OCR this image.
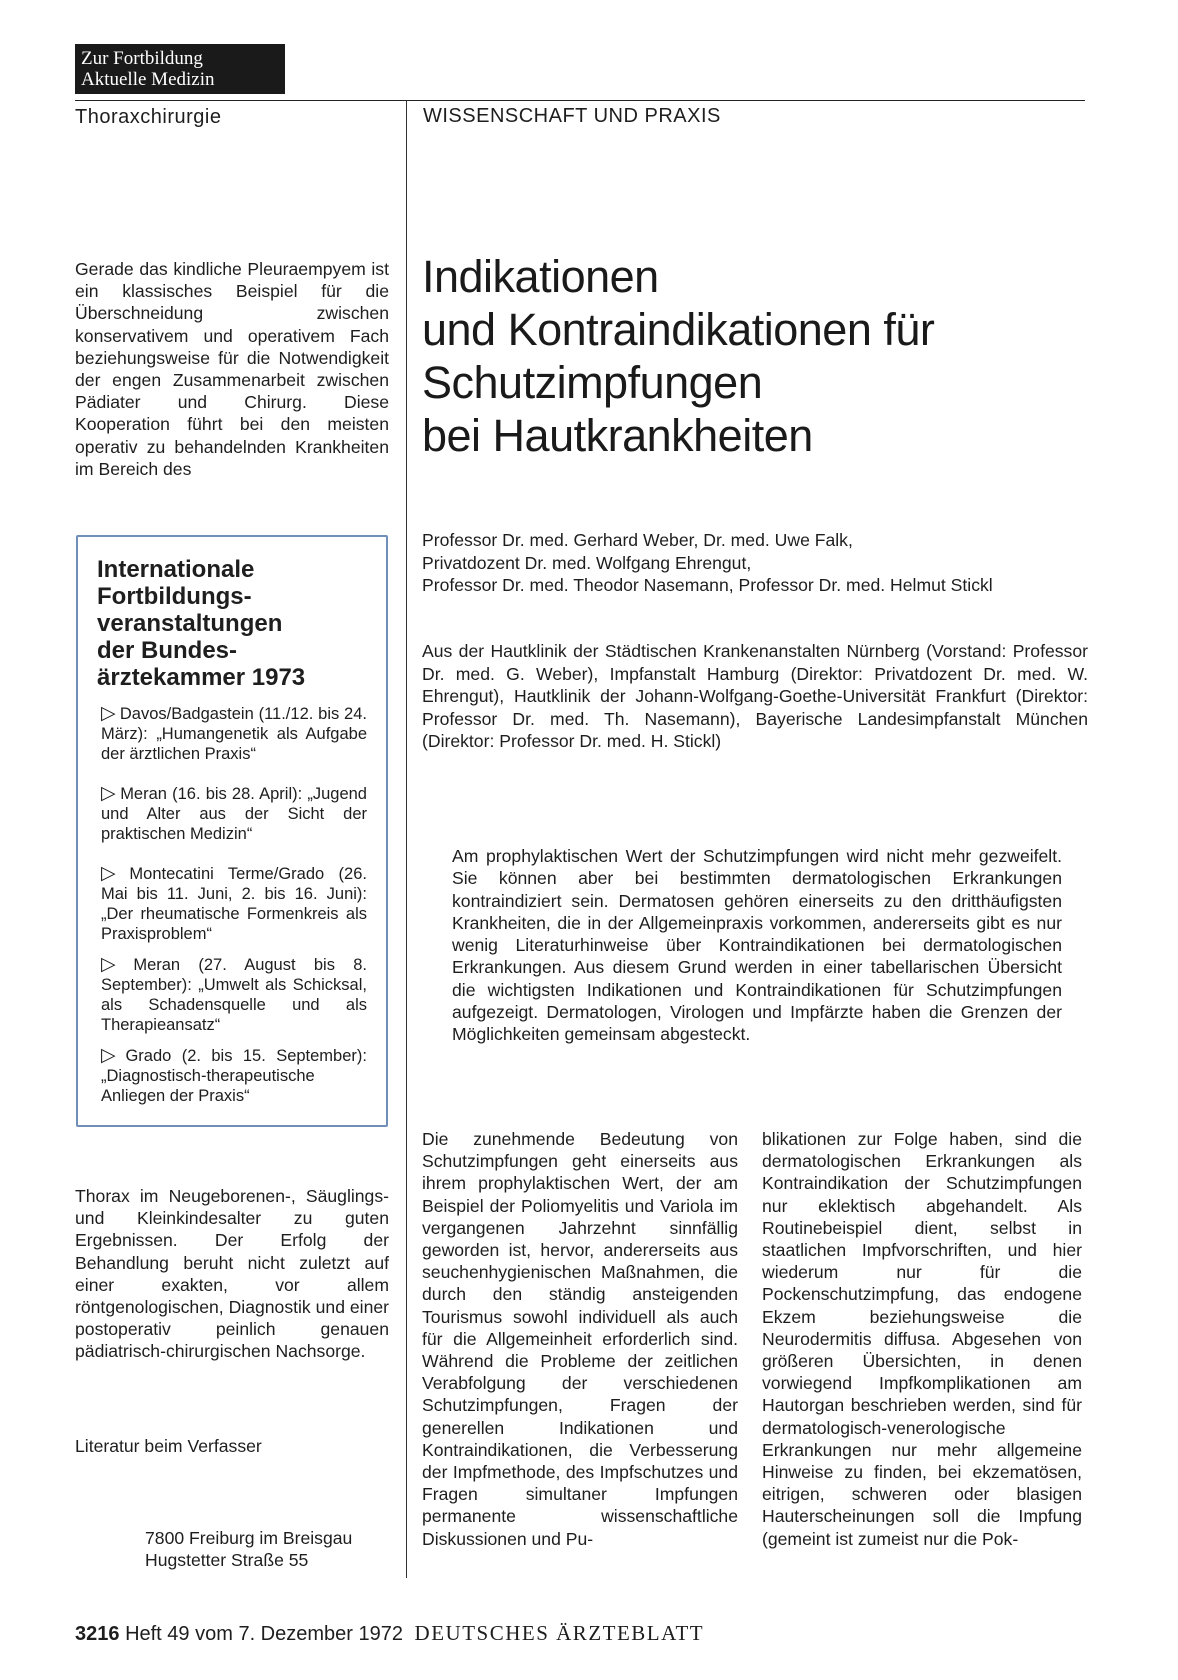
Zur Fortbildung
Aktuelle Medizin
Thoraxchirurgie	WISSENSCHAFT UND PRAXIS
Gerade das kindliche Pleuraempyem ist ein klassisches Beispiel für die Überschneidung zwischen konservativem und operativem Fach beziehungsweise für die Notwendigkeit der engen Zusammenarbeit zwischen Pädiater und Chirurg. Diese Kooperation führt bei den meisten operativ zu behandelnden Krankheiten im Bereich des
Internationale
Fortbildungs-
veranstaltungen
der Bundes-
ärztekammer 1973
▷ Davos/Badgastein (11./12. bis 24. März): „Humangenetik als Aufgabe der ärztlichen Praxis“
▷ Meran (16. bis 28. April): „Jugend und Alter aus der Sicht der praktischen Medizin“
▷ Montecatini Terme/Grado (26. Mai bis 11. Juni, 2. bis 16. Juni): „Der rheumatische Formenkreis als Praxisproblem“
▷ Meran (27. August bis 8. September): „Umwelt als Schicksal, als Schadensquelle und als Therapieansatz“
▷ Grado (2. bis 15. September): „Diagnostisch-therapeutische Anliegen der Praxis“
Thorax im Neugeborenen-, Säuglings- und Kleinkindesalter zu guten Ergebnissen. Der Erfolg der Behandlung beruht nicht zuletzt auf einer exakten, vor allem röntgenologischen, Diagnostik und einer postoperativ peinlich genauen pädiatrisch-chirurgischen Nachsorge.
Literatur beim Verfasser
7800 Freiburg im Breisgau
Hugstetter Straße 55
Indikationen
und Kontraindikationen für
Schutzimpfungen
bei Hautkrankheiten
Professor Dr. med. Gerhard Weber, Dr. med. Uwe Falk,
Privatdozent Dr. med. Wolfgang Ehrengut,
Professor Dr. med. Theodor Nasemann, Professor Dr. med. Helmut Stickl
Aus der Hautklinik der Städtischen Krankenanstalten Nürnberg (Vorstand: Professor Dr. med. G. Weber), Impfanstalt Hamburg (Direktor: Privatdozent Dr. med. W. Ehrengut), Hautklinik der Johann-Wolfgang-Goethe-Universität Frankfurt (Direktor: Professor Dr. med. Th. Nasemann), Bayerische Landesimpfanstalt München (Direktor: Professor Dr. med. H. Stickl)
Am prophylaktischen Wert der Schutzimpfungen wird nicht mehr gezweifelt. Sie können aber bei bestimmten dermatologischen Erkrankungen kontraindiziert sein. Dermatosen gehören einerseits zu den dritthäufigsten Krankheiten, die in der Allgemeinpraxis vorkommen, andererseits gibt es nur wenig Literaturhinweise über Kontraindikationen bei dermatologischen Erkrankungen. Aus diesem Grund werden in einer tabellarischen Übersicht die wichtigsten Indikationen und Kontraindikationen für Schutzimpfungen aufgezeigt. Dermatologen, Virologen und Impfärzte haben die Grenzen der Möglichkeiten gemeinsam abgesteckt.
Die zunehmende Bedeutung von Schutzimpfungen geht einerseits aus ihrem prophylaktischen Wert, der am Beispiel der Poliomyelitis und Variola im vergangenen Jahrzehnt sinnfällig geworden ist, hervor, andererseits aus seuchenhygienischen Maßnahmen, die durch den ständig ansteigenden Tourismus sowohl individuell als auch für die Allgemeinheit erforderlich sind. Während die Probleme der zeitlichen Verabfolgung der verschiedenen Schutzimpfungen, Fragen der generellen Indikationen und Kontraindikationen, die Verbesserung der Impfmethode, des Impfschutzes und Fragen simultaner Impfungen permanente wissenschaftliche Diskussionen und Pu-
blikationen zur Folge haben, sind die dermatologischen Erkrankungen als Kontraindikation der Schutzimpfungen nur eklektisch abgehandelt. Als Routinebeispiel dient, selbst in staatlichen Impfvorschriften, und hier wiederum nur für die Pockenschutzimpfung, das endogene Ekzem beziehungsweise die Neurodermitis diffusa. Abgesehen von größeren Übersichten, in denen vorwiegend Impfkomplikationen am Hautorgan beschrieben werden, sind für dermatologisch-venerologische Erkrankungen nur mehr allgemeine Hinweise zu finden, bei ekzematösen, eitrigen, schweren oder blasigen Hauterscheinungen soll die Impfung (gemeint ist zumeist nur die Pok-
3216 Heft 49 vom 7. Dezember 1972 DEUTSCHES ÄRZTEBLATT
